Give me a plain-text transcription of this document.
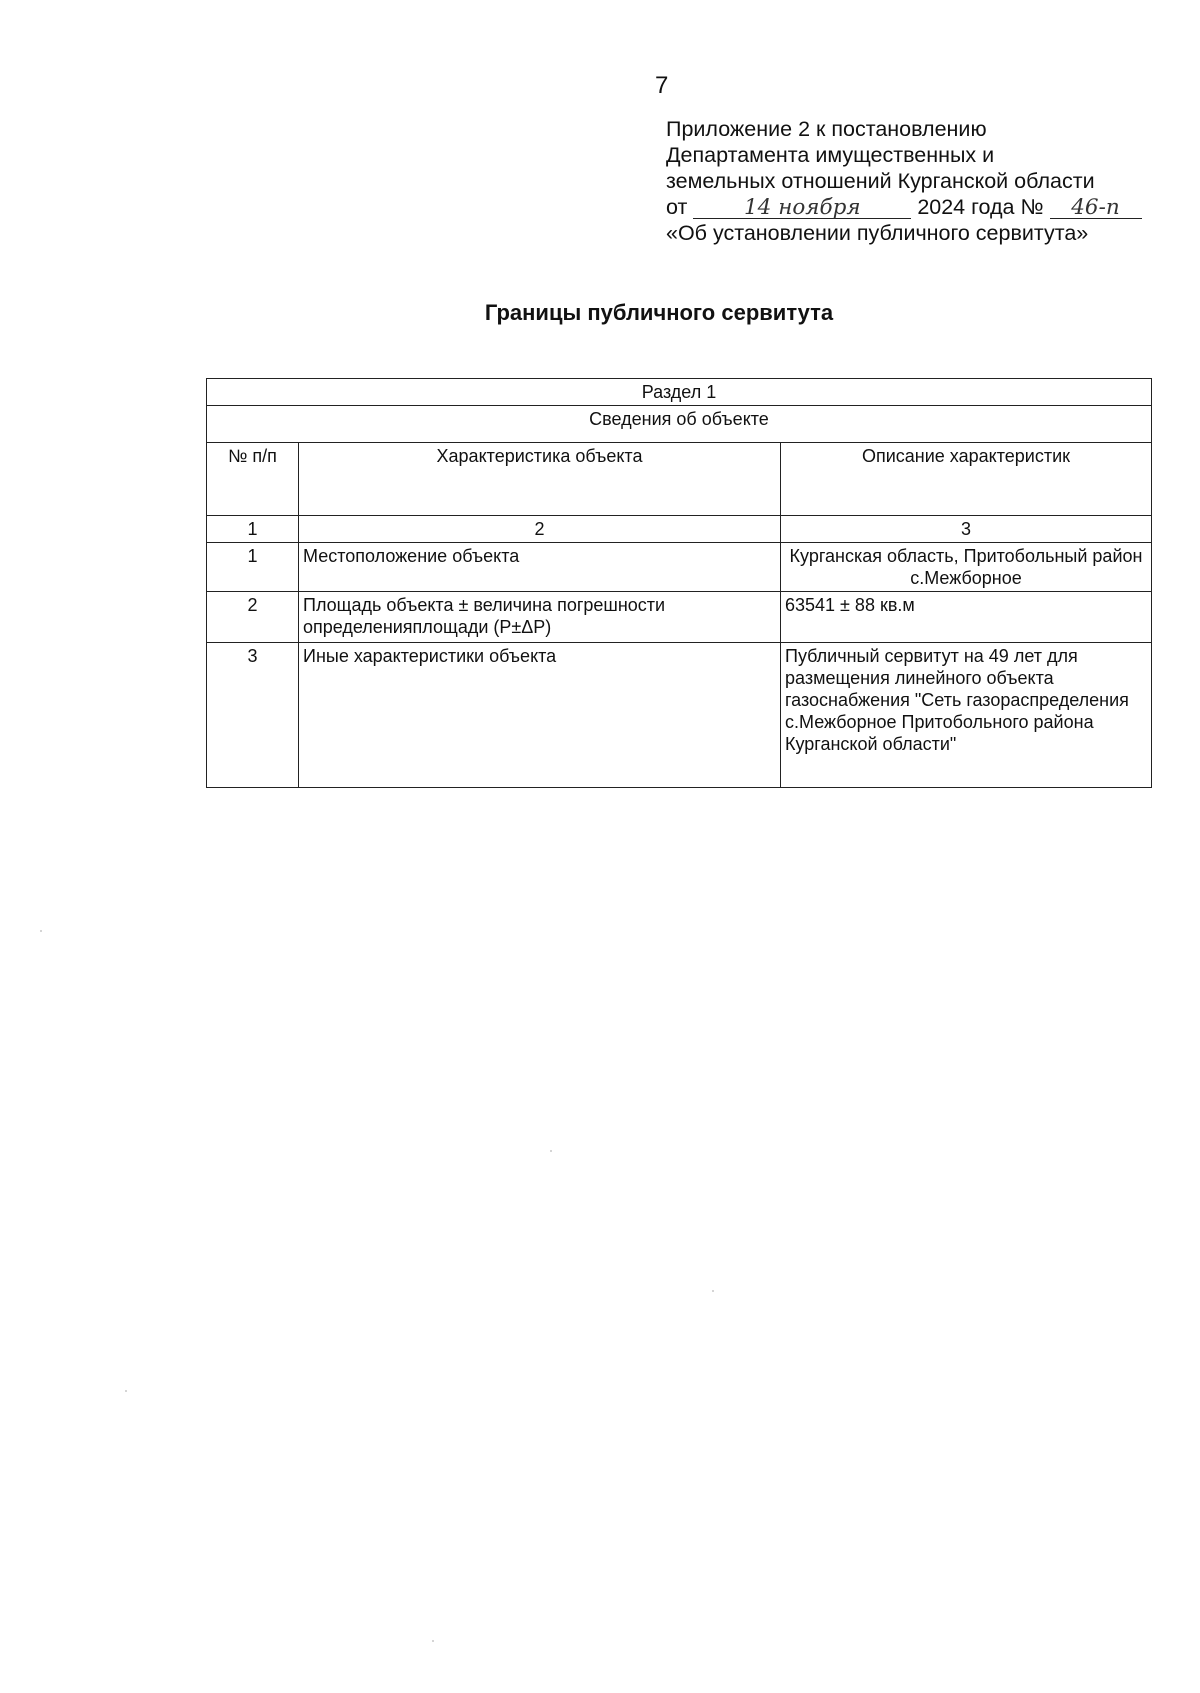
7
Приложение 2 к постановлению
Департамента имущественных и
земельных отношений Курганской области
от	14 ноября	2024 года № 46-п
«Об установлении публичного сервитута»
Границы публичного сервитута
Раздел 1		
Сведения об объекте		
№ п/п	Характеристика объекта	Описание характеристик
1	2	3
1	Местоположение объекта	Курганская область, Притобольный район с.Межборное
2	Площадь объекта ± величина погрешности определенияплощади (Р±ΔР)	63541 ± 88 кв.м
3	Иные характеристики объекта	Публичный сервитут на 49 лет для размещения линейного объекта газоснабжения "Сеть газораспределения с.Межборное Притобольного района Курганской области"
